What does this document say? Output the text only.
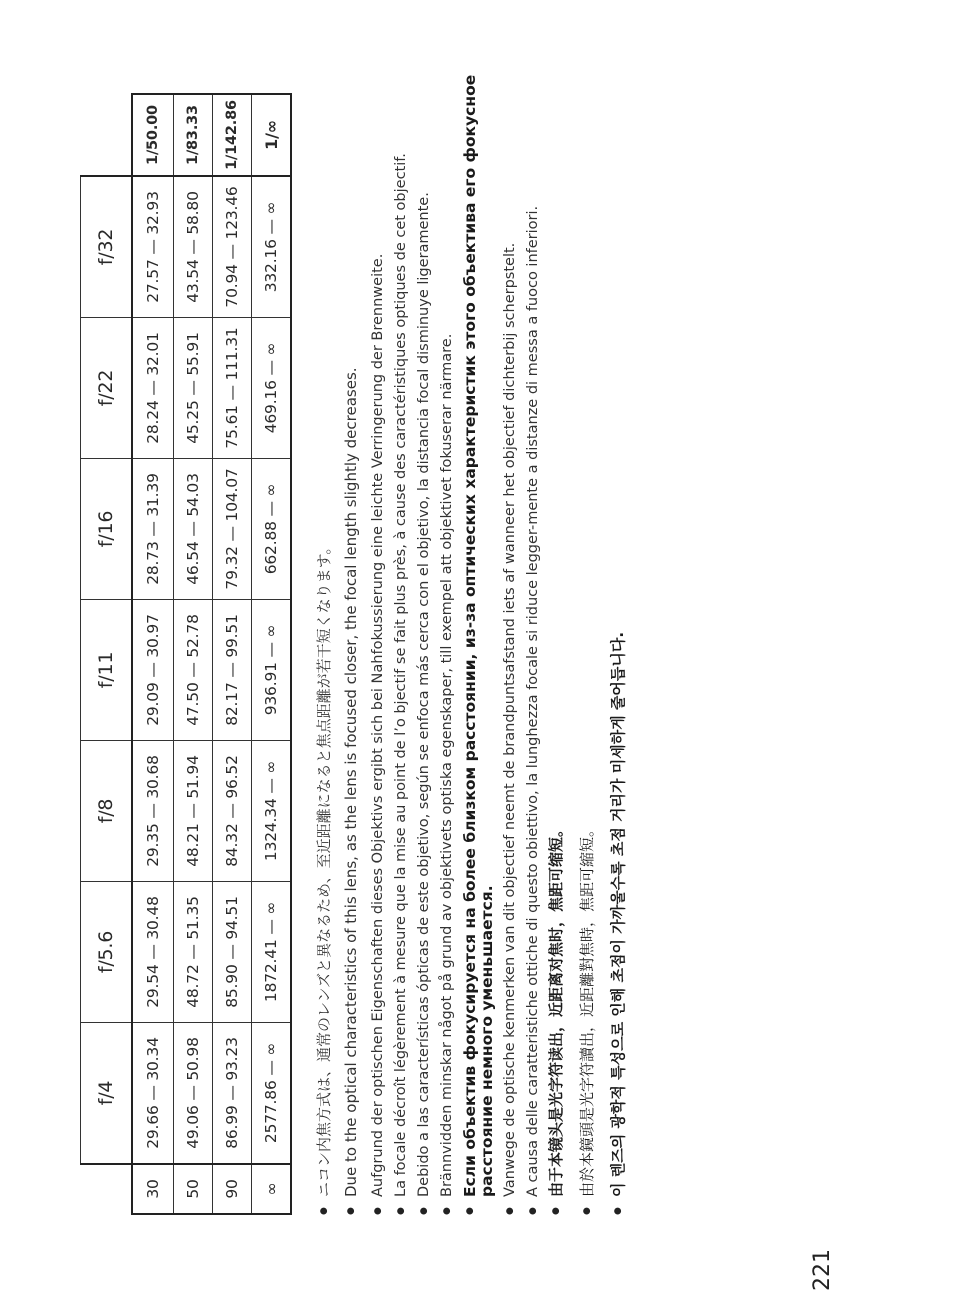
	f/4	f/5.6	f/8	f/11	f/16	f/22	f/32	
30	29.66 — 30.34	29.54 — 30.48	29.35 — 30.68	29.09 — 30.97	28.73 — 31.39	28.24 — 32.01	27.57 — 32.93	1/50.00
50	49.06 — 50.98	48.72 — 51.35	48.21 — 51.94	47.50 — 52.78	46.54 — 54.03	45.25 — 55.91	43.54 — 58.80	1/83.33
90	86.99 — 93.23	85.90 — 94.51	84.32 — 96.52	82.17 — 99.51	79.32 — 104.07	75.61 — 111.31	70.94 — 123.46	1/142.86
∞	2577.86 — ∞	1872.41 — ∞	1324.34 — ∞	936.91 — ∞	662.88 — ∞	469.16 — ∞	332.16 — ∞	1/∞
● ニコン内焦方式は、通常のレンズと異なるため、至近距離になると焦点距離が若干短くなります。 ● Due to the optical characteristics of this lens, as the lens is focused closer, the focal length slightly decreases. ● Aufgrund der optischen Eigenschaften dieses Objektivs ergibt sich bei Nahfokussierung eine leichte Verringerung der Brennweite. ● La focale décroît légèrement à mesure que la mise au point de l’o bjectif se fait plus près, à cause des caractéristiques optiques de cet objectif. ● Debido a las características ópticas de este objetivo, según se enfoca más cerca con el objetivo, la distancia focal disminuye ligeramente. ● Brännvidden minskar något på grund av objektivets optiska egenskaper, till exempel att objektivet fokuserar närmare. ● Если объектив фокусируется на более близком расстоянии, из-за оптических характеристик этого объектива его фокусное расстояние немного уменьшается. ● Vanwege de optische kenmerken van dit objectief neemt de brandpuntsafstand iets af wanneer het objectief dichterbij scherpstelt. ● A causa delle caratteristiche ottiche di questo obiettivo, la lunghezza focale si riduce legger-mente a distanze di messa a fuoco inferiori. ● 由于本镜头是光字符读出，近距离对焦时，焦距可缩短。 ● 由於本鏡頭是光字符讀出，近距離對焦時，焦距可縮短。 ● 이 렌즈의 광학적 특성으로 인해 초점이 가까울수록 초점 거리가 미세하게 줄어듭니다.
221
